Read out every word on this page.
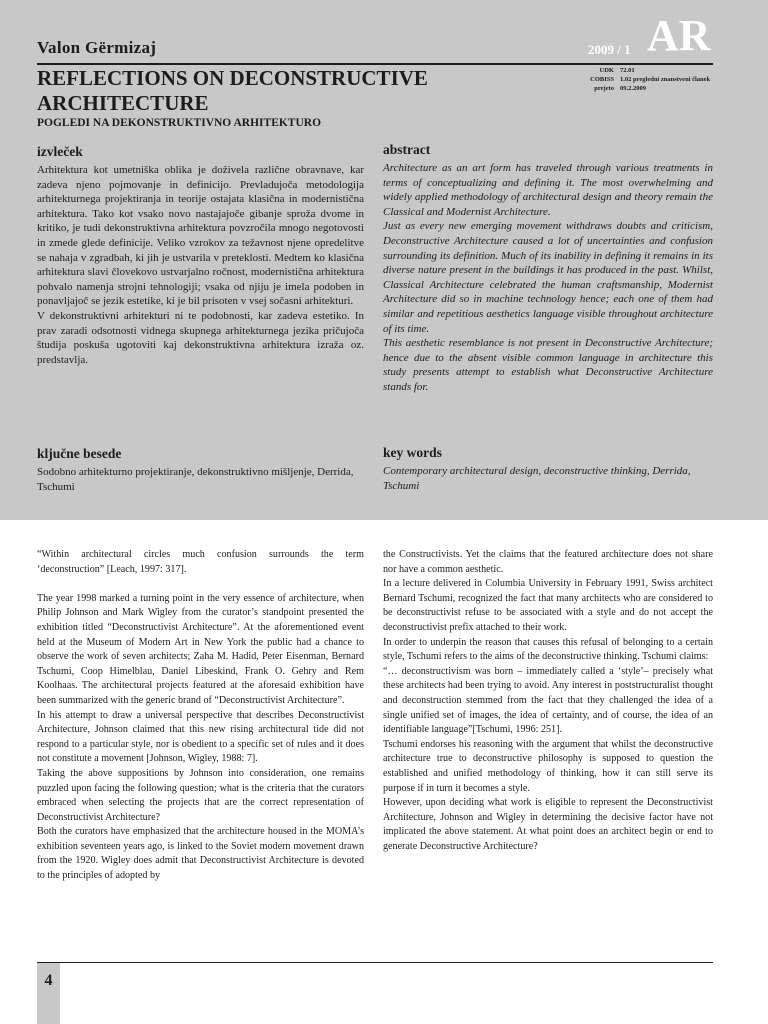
Valon Gërmizaj	2009 / 1 AR
REFLECTIONS ON DECONSTRUCTIVE ARCHITECTURE
POGLEDI NA DEKONSTRUKTIVNO ARHITEKTURO
UDK 72.01
COBISS 1.02 pregledni znanstveni članek
prejeto 09.2.2009
izvleček

Arhitektura kot umetniška oblika je doživela različne obravnave, kar zadeva njeno pojmovanje in definicijo. Prevladujoča metodologija arhitekturnega projektiranja in teorije ostajata klasična in modernistična arhitektura. Tako kot vsako novo nastajajoče gibanje sproža dvome in kritiko, je tudi dekonstruktivna arhitektura povzročila mnogo negotovosti in zmede glede definicije. Veliko vzrokov za težavnost njene opredelitve se nahaja v zgradbah, ki jih je ustvarila v preteklosti. Medtem ko klasična arhitektura slavi človekovo ustvarjalno ročnost, modernistična arhitektura pohvalo namenja strojni tehnologiji; vsaka od njiju je imela podoben in ponavljajoč se jezik estetike, ki je bil prisoten v vsej sočasni arhitekturi.

V dekonstruktivni arhitekturi ni te podobnosti, kar zadeva estetiko. In prav zaradi odsotnosti vidnega skupnega arhitekturnega jezika pričujoča študija poskuša ugotoviti kaj dekonstruktivna arhitektura izraža oz. predstavlja.

abstract

Architecture as an art form has traveled through various treatments in terms of conceptualizing and defining it. The most overwhelming and widely applied methodology of architectural design and theory remain the Classical and Modernist Architecture.

Just as every new emerging movement withdraws doubts and criticism, Deconstructive Architecture caused a lot of uncertainties and confusion surrounding its definition. Much of its inability in defining it remains in its diverse nature present in the buildings it has produced in the past. Whilst, Classical Architecture celebrated the human craftsmanship, Modernist Architecture did so in machine technology hence; each one of them had similar and repetitious aesthetics language visible throughout architecture of its time.

This aesthetic resemblance is not present in Deconstructive Architecture; hence due to the absent visible common language in architecture this study presents attempt to establish what Deconstructive Architecture stands for.

ključne besede

Sodobno arhitekturno projektiranje, dekonstruktivno mišljenje, Derrida, Tschumi

key words

Contemporary architectural design, deconstructive thinking, Derrida, Tschumi

“Within architectural circles much confusion surrounds the term ‘deconstruction” [Leach, 1997: 317].

The year 1998 marked a turning point in the very essence of architecture, when Philip Johnson and Mark Wigley from the curator’s standpoint presented the exhibition titled “Deconstructivist Architecture”. At the aforementioned event held at the Museum of Modern Art in New York the public had a chance to observe the work of seven architects; Zaha M. Hadid, Peter Eisenman, Bernard Tschumi, Coop Himelblau, Daniel Libeskind, Frank O. Gehry and Rem Koolhaas. The architectural projects featured at the aforesaid exhibition have been summarized with the generic brand of “Deconstructivist Architecture”.

In his attempt to draw a universal perspective that describes Deconstructivist Architecture, Johnson claimed that this new rising architectural tide did not respond to a particular style, nor is obedient to a specific set of rules and it does not constitute a movement [Johnson, Wigley, 1988: 7].

Taking the above suppositions by Johnson into consideration, one remains puzzled upon facing the following question; what is the criteria that the curators embraced when selecting the projects that are the correct representation of Deconstructivist Architecture?

Both the curators have emphasized that the architecture housed in the MOMA’s exhibition seventeen years ago, is linked to the Soviet modern movement drawn from the 1920. Wigley does admit that Deconstructivist Architecture is devoted to the principles of adopted by

the Constructivists. Yet the claims that the featured architecture does not share nor have a common aesthetic.

In a lecture delivered in Columbia University in February 1991, Swiss architect Bernard Tschumi, recognized the fact that many architects who are considered to be deconstructivist refuse to be associated with a style and do not accept the deconstructivist prefix attached to their work.

In order to underpin the reason that causes this refusal of belonging to a certain style, Tschumi refers to the aims of the deconstructive thinking. Tschumi claims:

“… deconstructivism was born – immediately called a ‘style’– precisely what these architects had been trying to avoid. Any interest in poststructuralist thought and deconstruction stemmed from the fact that they challenged the idea of a single unified set of images, the idea of certainty, and of course, the idea of an identifiable language”[Tschumi, 1996: 251].

Tschumi endorses his reasoning with the argument that whilst the deconstructive architecture true to deconstructive philosophy is supposed to question the established and unified methodology of thinking, how it can still serve its purpose if in turn it becomes a style.

However, upon deciding what work is eligible to represent the Deconstructivist Architecture, Johnson and Wigley in determining the decisive factor have not implicated the above statement. At what point does an architect begin or end to generate Deconstructive Architecture?

4
